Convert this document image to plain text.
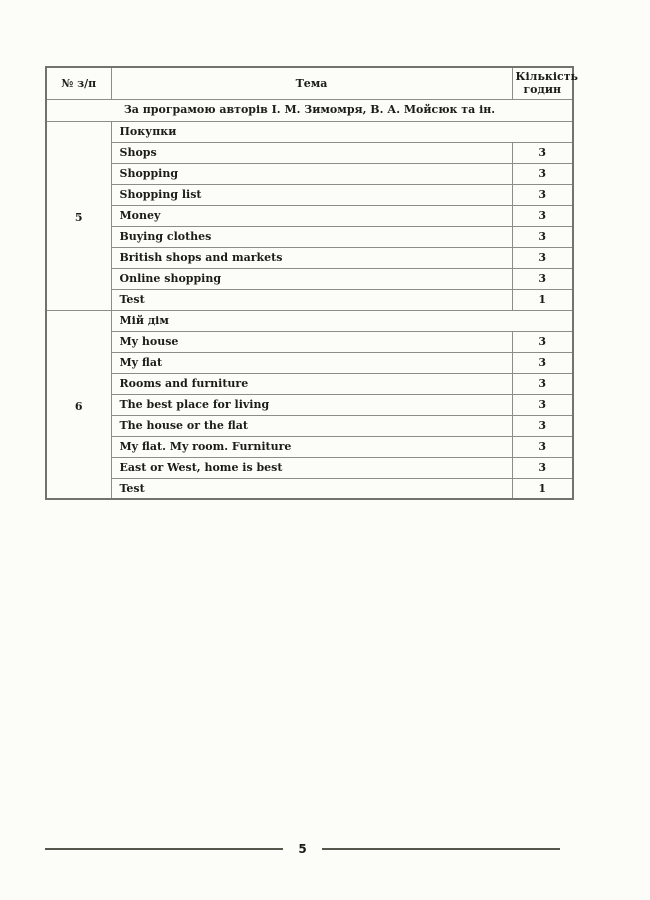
№ з/п	Тема	Кількість годин
За програмою авторів І. М. Зимомря, В. А. Мойсюк та ін.		
5	Покупки	
	Shops	3
	Shopping	3
	Shopping list	3
	Money	3
	Buying clothes	3
	British shops and markets	3
	Online shopping	3
	Test	1
6	Мій дім	
	My house	3
	My flat	3
	Rooms and furniture	3
	The best place for living	3
	The house or the flat	3
	My flat. My room. Furniture	3
	East or West, home is best	3
	Test	1
5
